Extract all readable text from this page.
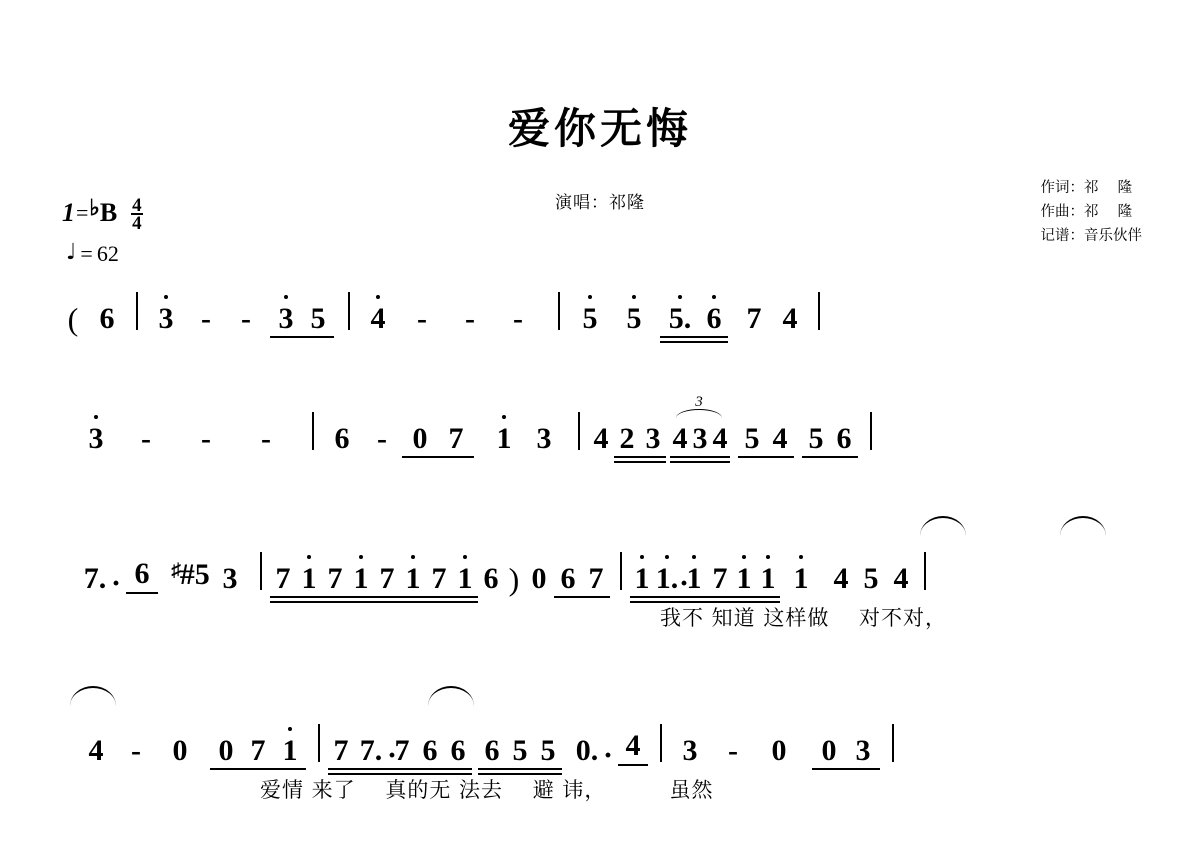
爱你无悔
演唱：祁隆
作词：祁　 隆
作曲：祁　 隆
记谱：音乐伙伴
1 = ♭ B 4
4
♩ = 62
( 6	3 -	- 3 5	4	-	-	-	5 5 5. 6 7 4
3	-	-	-	6 - 0 7	1 3	4 2 3
3
4 3 4 5 4 5 6
7. · 6	♯#5 3	7 1 7 1 7 1 7 1 6 ) 0 6 7 1 1. · 1 7 1 1 1 4 5 4
我不 知道 这样做　 对不对，
4 -	0	0 7 1 7 7. · 7 6 6 6 5 5 0. · 4	3	-	0	0 3
爱情 来了　 真的无 法去　 避 讳，　　　 虽然
